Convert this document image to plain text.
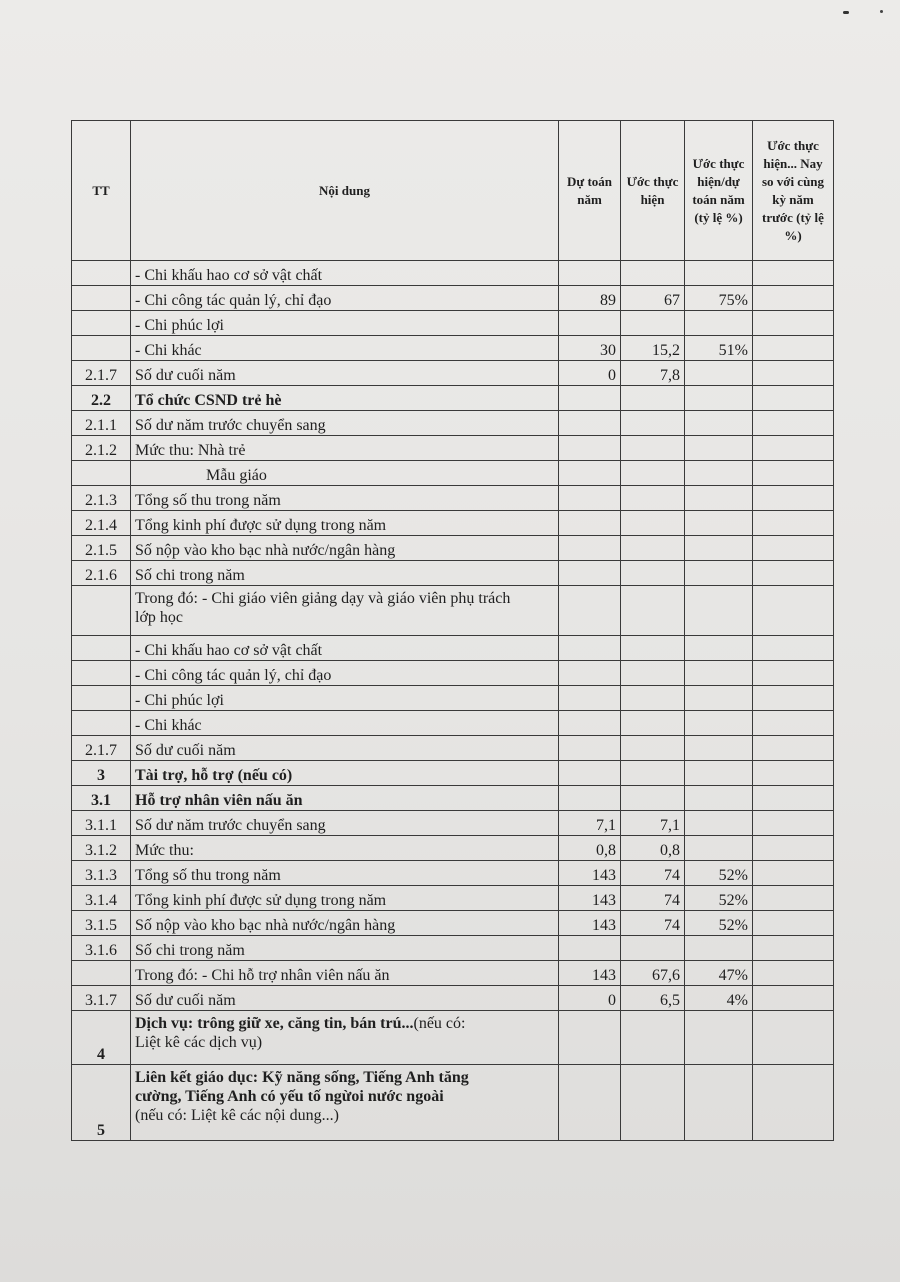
TT	Nội dung	Dự toán năm	Ước thực hiện	Ước thực hiện/dự toán năm (tỷ lệ %)	Ước thực hiện... Nay so với cùng kỳ năm trước (tỷ lệ %)
	- Chi khấu hao cơ sở vật chất				
	- Chi công tác quản lý, chỉ đạo	89	67	75%	
	- Chi phúc lợi				
	- Chi khác	30	15,2	51%	
2.1.7	Số dư cuối năm	0	7,8		
2.2	Tổ chức CSND trẻ hè				
2.1.1	Số dư năm trước chuyển sang				
2.1.2	Mức thu: Nhà trẻ				
	Mẫu giáo				
2.1.3	Tổng số thu trong năm				
2.1.4	Tổng kinh phí được sử dụng trong năm				
2.1.5	Số nộp vào kho bạc nhà nước/ngân hàng				
2.1.6	Số chi trong năm				
	Trong đó: - Chi giáo viên giảng dạy và giáo viên phụ trách
lớp học				
	- Chi khấu hao cơ sở vật chất				
	- Chi công tác quản lý, chỉ đạo				
	- Chi phúc lợi				
	- Chi khác				
2.1.7	Số dư cuối năm				
3	Tài trợ, hỗ trợ (nếu có)				
3.1	Hỗ trợ nhân viên nấu ăn				
3.1.1	Số dư năm trước chuyển sang	7,1	7,1		
3.1.2	Mức thu:	0,8	0,8		
3.1.3	Tổng số thu trong năm	143	74	52%	
3.1.4	Tổng kinh phí được sử dụng trong năm	143	74	52%	
3.1.5	Số nộp vào kho bạc nhà nước/ngân hàng	143	74	52%	
3.1.6	Số chi trong năm				
	Trong đó: - Chi hỗ trợ nhân viên nấu ăn	143	67,6	47%	
3.1.7	Số dư cuối năm	0	6,5	4%	
4	Dịch vụ: trông giữ xe, căng tin, bán trú...(nếu có:
Liệt kê các dịch vụ)				
5	Liên kết giáo dục: Kỹ năng sống, Tiếng Anh tăng
cường, Tiếng Anh có yếu tố ngừoi nước ngoài
(nếu có: Liệt kê các nội dung...)				
